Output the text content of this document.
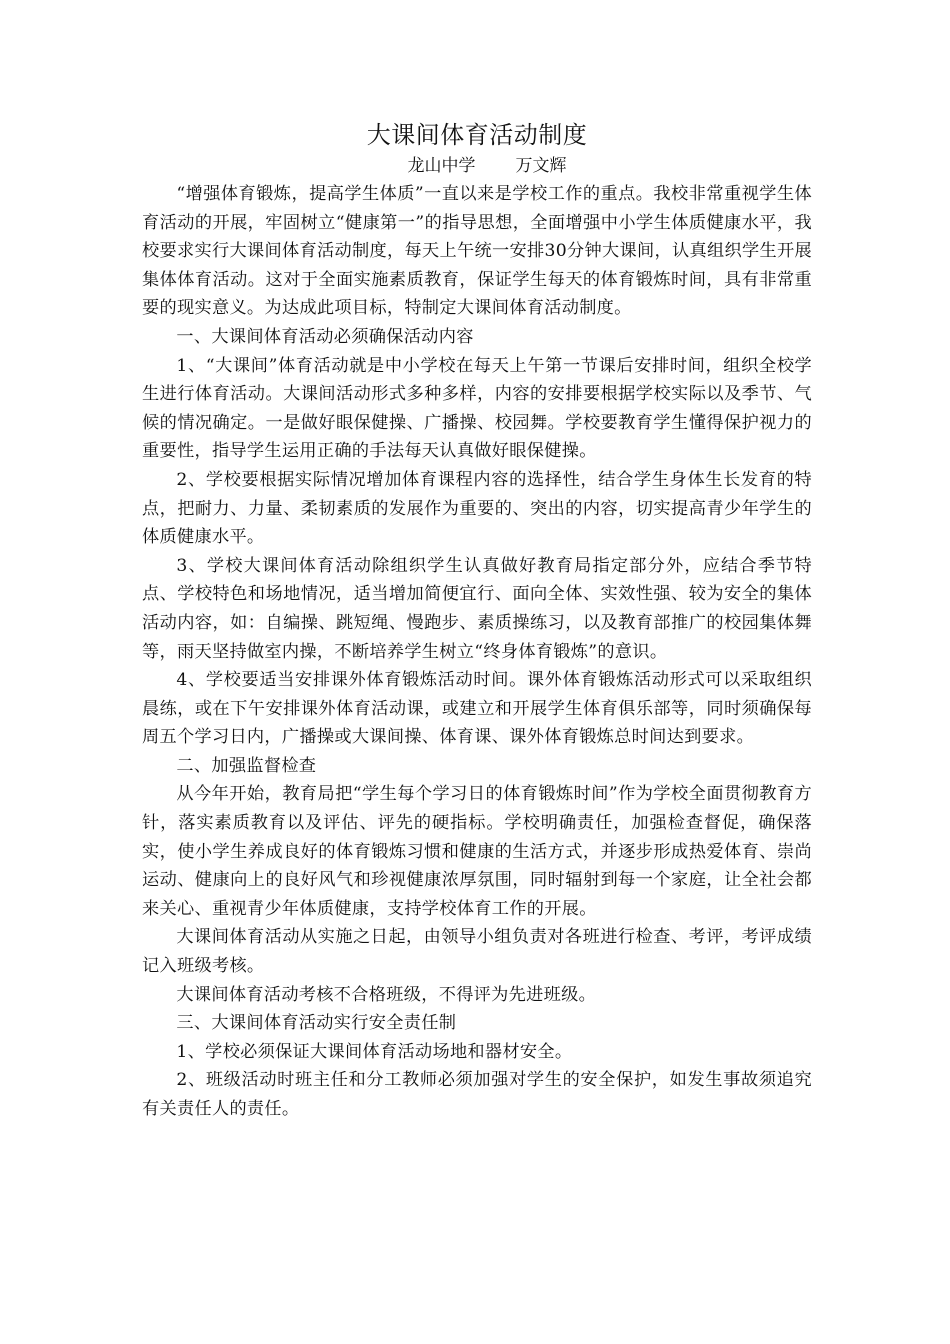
大课间体育活动制度
龙山中学 万文辉

“增强体育锻炼，提高学生体质”一直以来是学校工作的重点。我校非常重视学生体育活动的开展，牢固树立“健康第一”的指导思想，全面增强中小学生体质健康水平，我校要求实行大课间体育活动制度，每天上午统一安排30分钟大课间，认真组织学生开展集体体育活动。这对于全面实施素质教育，保证学生每天的体育锻炼时间，具有非常重要的现实意义。为达成此项目标，特制定大课间体育活动制度。

一、大课间体育活动必须确保活动内容

1、“大课间”体育活动就是中小学校在每天上午第一节课后安排时间，组织全校学生进行体育活动。大课间活动形式多种多样，内容的安排要根据学校实际以及季节、气候的情况确定。一是做好眼保健操、广播操、校园舞。学校要教育学生懂得保护视力的重要性，指导学生运用正确的手法每天认真做好眼保健操。

2、学校要根据实际情况增加体育课程内容的选择性，结合学生身体生长发育的特点，把耐力、力量、柔韧素质的发展作为重要的、突出的内容，切实提高青少年学生的体质健康水平。

3、学校大课间体育活动除组织学生认真做好教育局指定部分外，应结合季节特点、学校特色和场地情况，适当增加简便宜行、面向全体、实效性强、较为安全的集体活动内容，如：自编操、跳短绳、慢跑步、素质操练习，以及教育部推广的校园集体舞等，雨天坚持做室内操，不断培养学生树立“终身体育锻炼”的意识。

4、学校要适当安排课外体育锻炼活动时间。课外体育锻炼活动形式可以采取组织晨练，或在下午安排课外体育活动课，或建立和开展学生体育俱乐部等，同时须确保每周五个学习日内，广播操或大课间操、体育课、课外体育锻炼总时间达到要求。

二、加强监督检查

从今年开始，教育局把“学生每个学习日的体育锻炼时间”作为学校全面贯彻教育方针，落实素质教育以及评估、评先的硬指标。学校明确责任，加强检查督促，确保落实，使小学生养成良好的体育锻炼习惯和健康的生活方式，并逐步形成热爱体育、崇尚运动、健康向上的良好风气和珍视健康浓厚氛围，同时辐射到每一个家庭，让全社会都来关心、重视青少年体质健康，支持学校体育工作的开展。

大课间体育活动从实施之日起，由领导小组负责对各班进行检查、考评，考评成绩记入班级考核。

大课间体育活动考核不合格班级，不得评为先进班级。

三、大课间体育活动实行安全责任制

1、学校必须保证大课间体育活动场地和器材安全。

2、班级活动时班主任和分工教师必须加强对学生的安全保护，如发生事故须追究有关责任人的责任。
